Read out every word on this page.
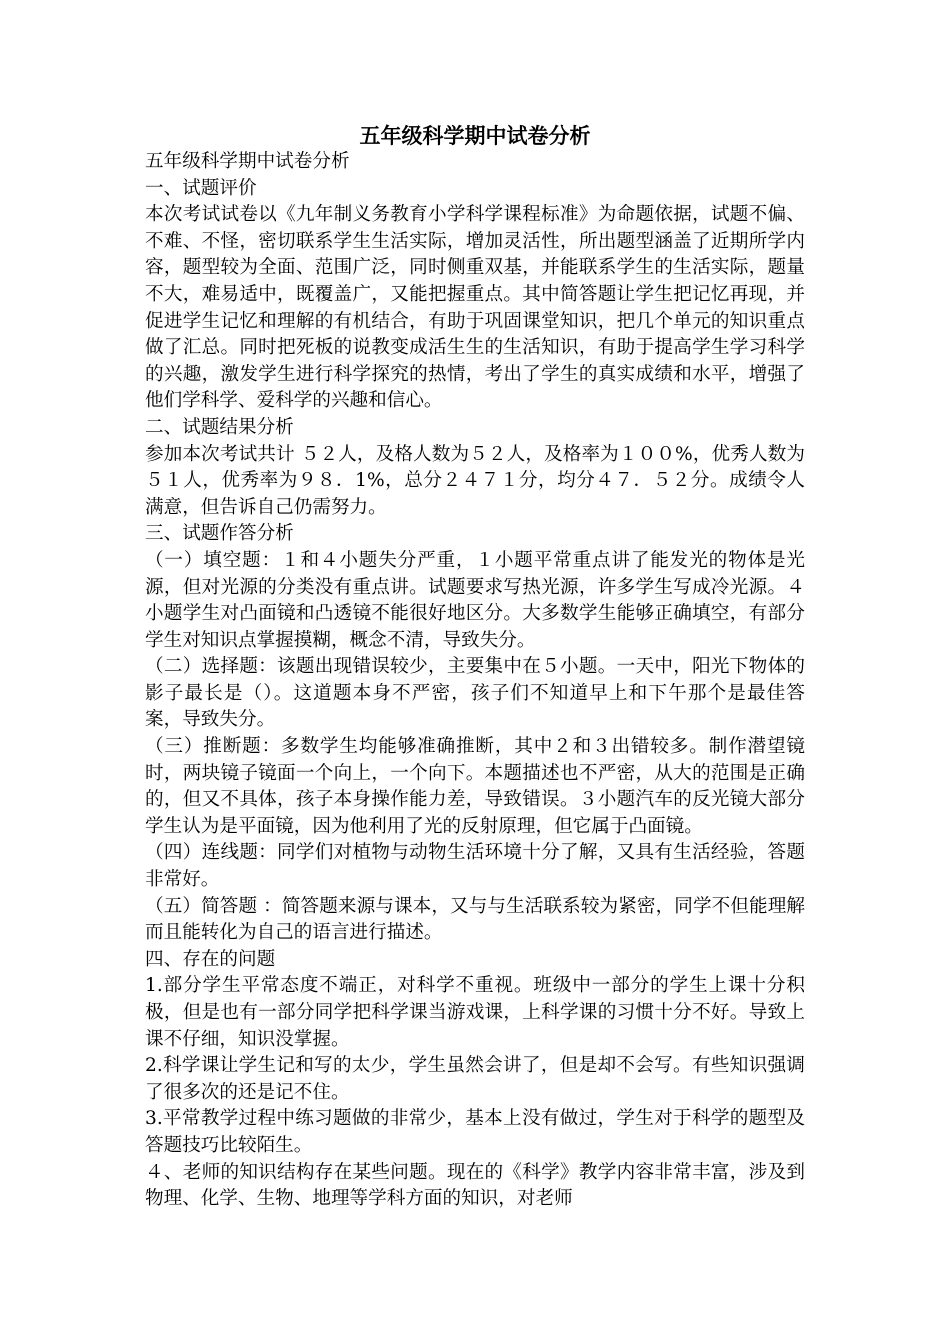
五年级科学期中试卷分析

五年级科学期中试卷分析

一、试题评价

本次考试试卷以《九年制义务教育小学科学课程标准》为命题依据，试题不偏、不难、不怪，密切联系学生生活实际，增加灵活性，所出题型涵盖了近期所学内容，题型较为全面、范围广泛，同时侧重双基，并能联系学生的生活实际，题量不大，难易适中，既覆盖广，又能把握重点。其中简答题让学生把记忆再现，并促进学生记忆和理解的有机结合，有助于巩固课堂知识，把几个单元的知识重点做了汇总。同时把死板的说教变成活生生的生活知识，有助于提高学生学习科学的兴趣，激发学生进行科学探究的热情，考出了学生的真实成绩和水平，增强了他们学科学、爱科学的兴趣和信心。

二、试题结果分析

参加本次考试共计 ５２人，及格人数为５２人，及格率为１００%，优秀人数为５１人，优秀率为９８．1%，总分２４７１分，均分４７．５２分。成绩令人满意，但告诉自己仍需努力。

三、试题作答分析

（一）填空题：１和４小题失分严重，１小题平常重点讲了能发光的物体是光源，但对光源的分类没有重点讲。试题要求写热光源，许多学生写成冷光源。４小题学生对凸面镜和凸透镜不能很好地区分。大多数学生能够正确填空，有部分学生对知识点掌握摸糊，概念不清，导致失分。

（二）选择题：该题出现错误较少，主要集中在５小题。一天中，阳光下物体的影子最长是（）。这道题本身不严密，孩子们不知道早上和下午那个是最佳答案，导致失分。

（三）推断题：多数学生均能够准确推断，其中２和３出错较多。制作潜望镜时，两块镜子镜面一个向上，一个向下。本题描述也不严密，从大的范围是正确的，但又不具体，孩子本身操作能力差，导致错误。３小题汽车的反光镜大部分学生认为是平面镜，因为他利用了光的反射原理，但它属于凸面镜。

（四）连线题：同学们对植物与动物生活环境十分了解，又具有生活经验，答题非常好。

（五）简答题 ：简答题来源与课本，又与与生活联系较为紧密，同学不但能理解而且能转化为自己的语言进行描述。

四、存在的问题

1.部分学生平常态度不端正，对科学不重视。班级中一部分的学生上课十分积极，但是也有一部分同学把科学课当游戏课，上科学课的习惯十分不好。导致上课不仔细，知识没掌握。

2.科学课让学生记和写的太少，学生虽然会讲了，但是却不会写。有些知识强调了很多次的还是记不住。

3.平常教学过程中练习题做的非常少，基本上没有做过，学生对于科学的题型及答题技巧比较陌生。

４、老师的知识结构存在某些问题。现在的《科学》教学内容非常丰富，涉及到物理、化学、生物、地理等学科方面的知识，对老师
